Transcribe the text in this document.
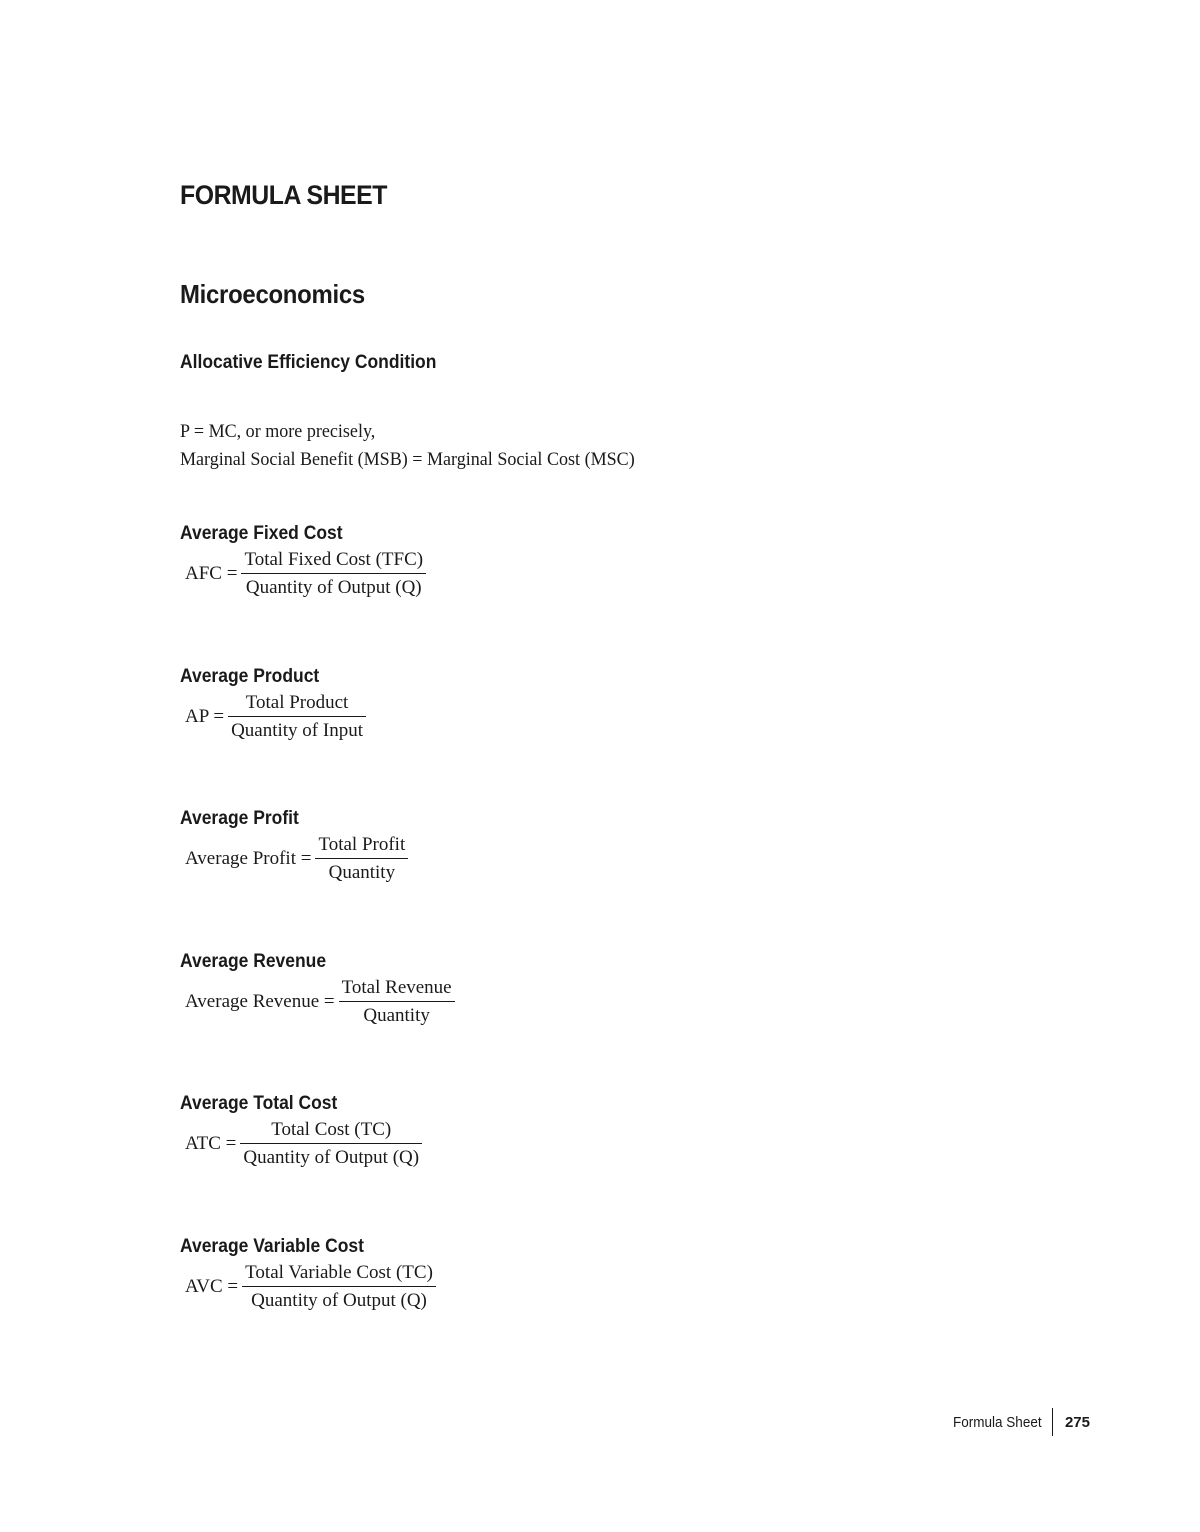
FORMULA SHEET
Microeconomics
Allocative Efficiency Condition
P = MC, or more precisely,
Marginal Social Benefit (MSB) = Marginal Social Cost (MSC)
Average Fixed Cost
AFC = $\frac{\text{Total Fixed Cost (TFC)}}{\text{Quantity of Output (Q)}}$
Average Product
AP = $\frac{\text{Total Product}}{\text{Quantity of Input}}$
Average Profit
Average Profit = $\frac{\text{Total Profit}}{\text{Quantity}}$
Average Revenue
Average Revenue = $\frac{\text{Total Revenue}}{\text{Quantity}}$
Average Total Cost
ATC = $\frac{\text{Total Cost (TC)}}{\text{Quantity of Output (Q)}}$
Average Variable Cost
AVC = $\frac{\text{Total Variable Cost (TC)}}{\text{Quantity of Output (Q)}}$
Formula Sheet	275
